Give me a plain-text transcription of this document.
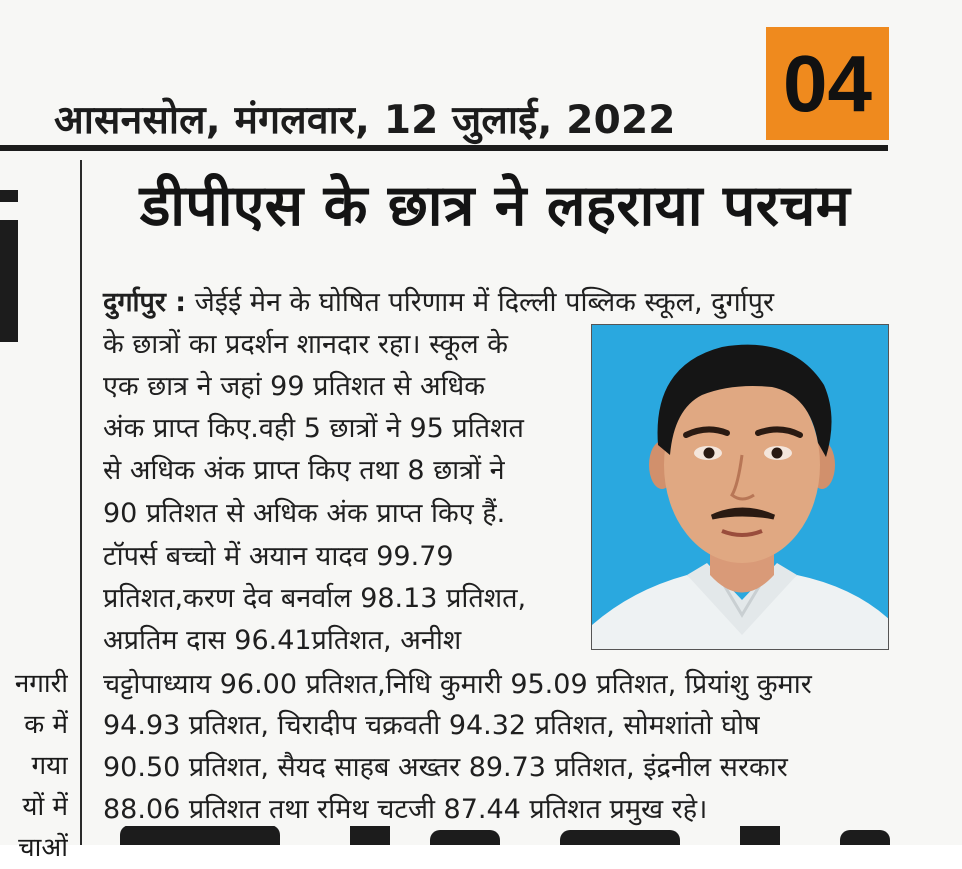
आसनसोल, मंगलवार, 12 जुलाई, 2022 04
नगारी
क में
गया
यों में
चाओं
डीपीएस के छात्र ने लहराया परचम
दुर्गापुर : जेईई मेन के घोषित परिणाम में दिल्ली पब्लिक स्कूल, दुर्गापुर
के छात्रों का प्रदर्शन शानदार रहा। स्कूल के
एक छात्र ने जहां 99 प्रतिशत से अधिक
अंक प्राप्त किए.वही 5 छात्रों ने 95 प्रतिशत
से अधिक अंक प्राप्त किए तथा 8 छात्रों ने
90 प्रतिशत से अधिक अंक प्राप्त किए हैं.
टॉपर्स बच्चो में अयान यादव 99.79
प्रतिशत,करण देव बनर्वाल 98.13 प्रतिशत,
अप्रतिम दास 96.41प्रतिशत, अनीश
चट्टोपाध्याय 96.00 प्रतिशत,निधि कुमारी 95.09 प्रतिशत, प्रियांशु कुमार
94.93 प्रतिशत, चिरादीप चक्रवती 94.32 प्रतिशत, सोमशांतो घोष
90.50 प्रतिशत, सैयद साहब अख्तर 89.73 प्रतिशत, इंद्रनील सरकार
88.06 प्रतिशत तथा रमिथ चटजी 87.44 प्रतिशत प्रमुख रहे।
